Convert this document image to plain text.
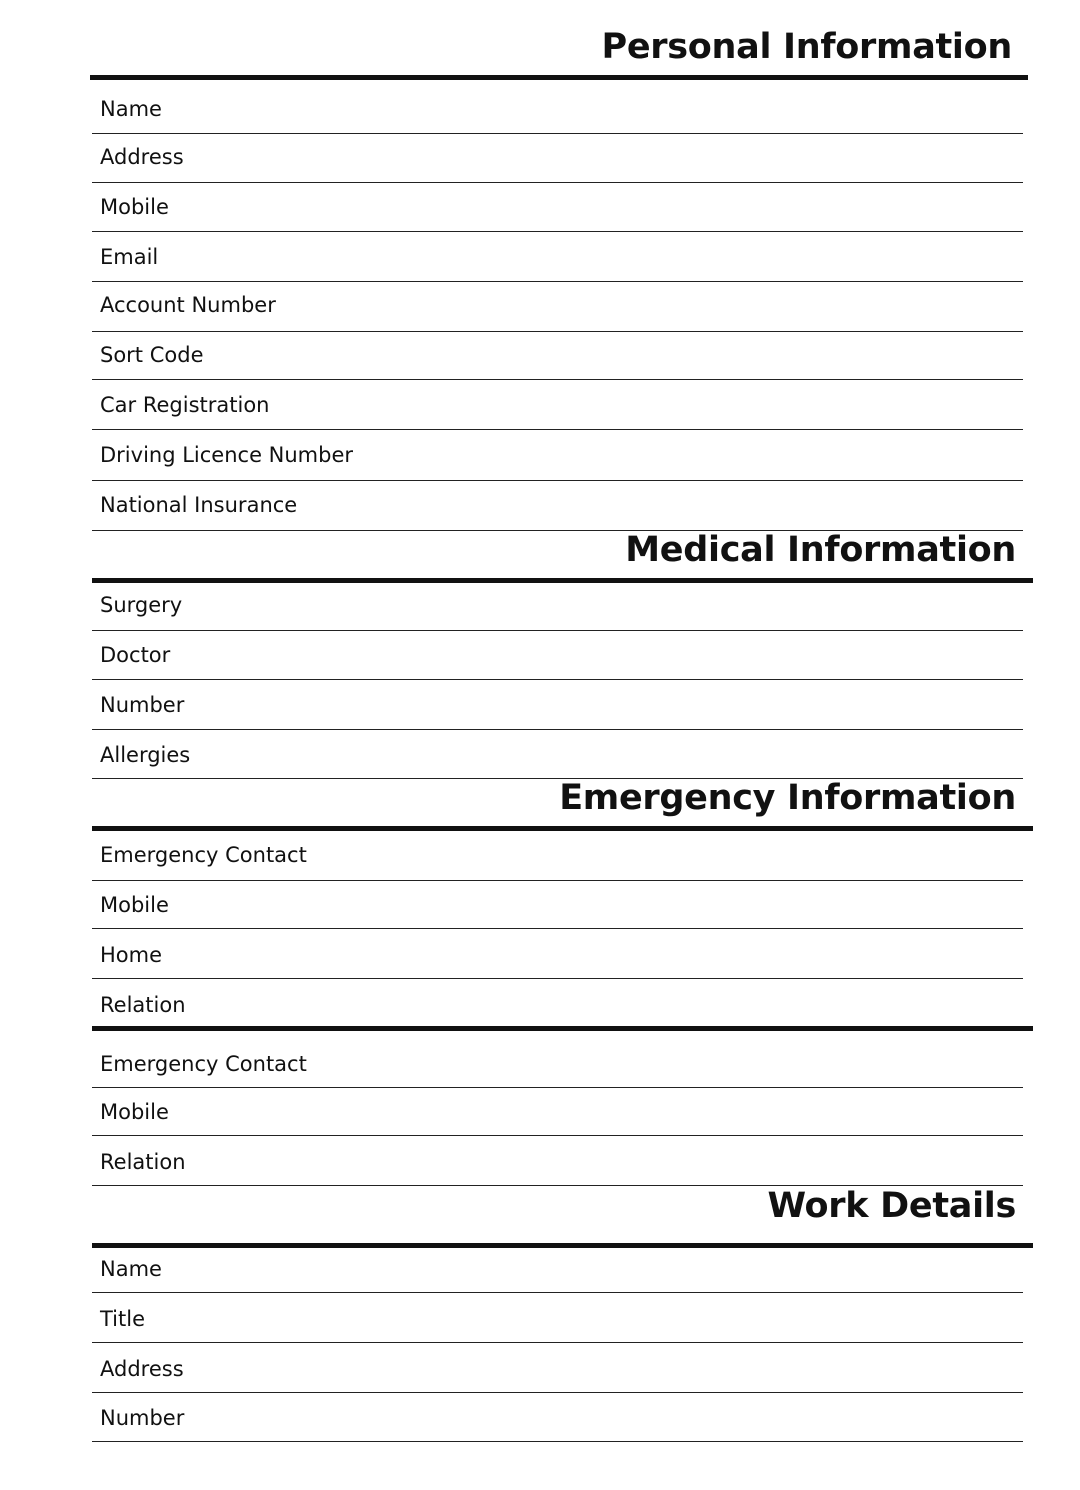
Personal Information
Name
Address
Mobile
Email
Account Number
Sort Code
Car Registration
Driving Licence Number
National Insurance
Medical Information
Surgery
Doctor
Number
Allergies
Emergency Information
Emergency Contact
Mobile
Home
Relation
Emergency Contact
Mobile
Relation
Work Details
Name
Title
Address
Number
